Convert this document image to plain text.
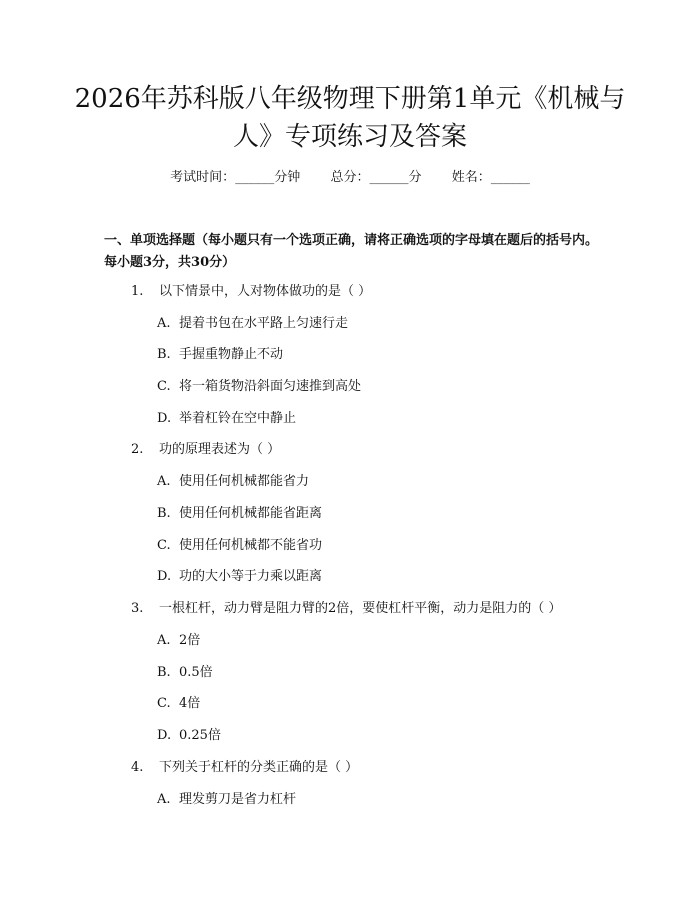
2026年苏科版八年级物理下册第1单元《机械与人》专项练习及答案
考试时间：______分钟 总分：______分 姓名：______

一、单项选择题（每小题只有一个选项正确，请将正确选项的字母填在题后的括号内。每小题3分，共30分）

1. 以下情景中，人对物体做功的是（ ）
A. 提着书包在水平路上匀速行走
B. 手握重物静止不动
C. 将一箱货物沿斜面匀速推到高处
D. 举着杠铃在空中静止
2. 功的原理表述为（ ）
A. 使用任何机械都能省力
B. 使用任何机械都能省距离
C. 使用任何机械都不能省功
D. 功的大小等于力乘以距离
3. 一根杠杆，动力臂是阻力臂的2倍，要使杠杆平衡，动力是阻力的（ ）
A. 2倍
B. 0.5倍
C. 4倍
D. 0.25倍
4. 下列关于杠杆的分类正确的是（ ）
A. 理发剪刀是省力杠杆
